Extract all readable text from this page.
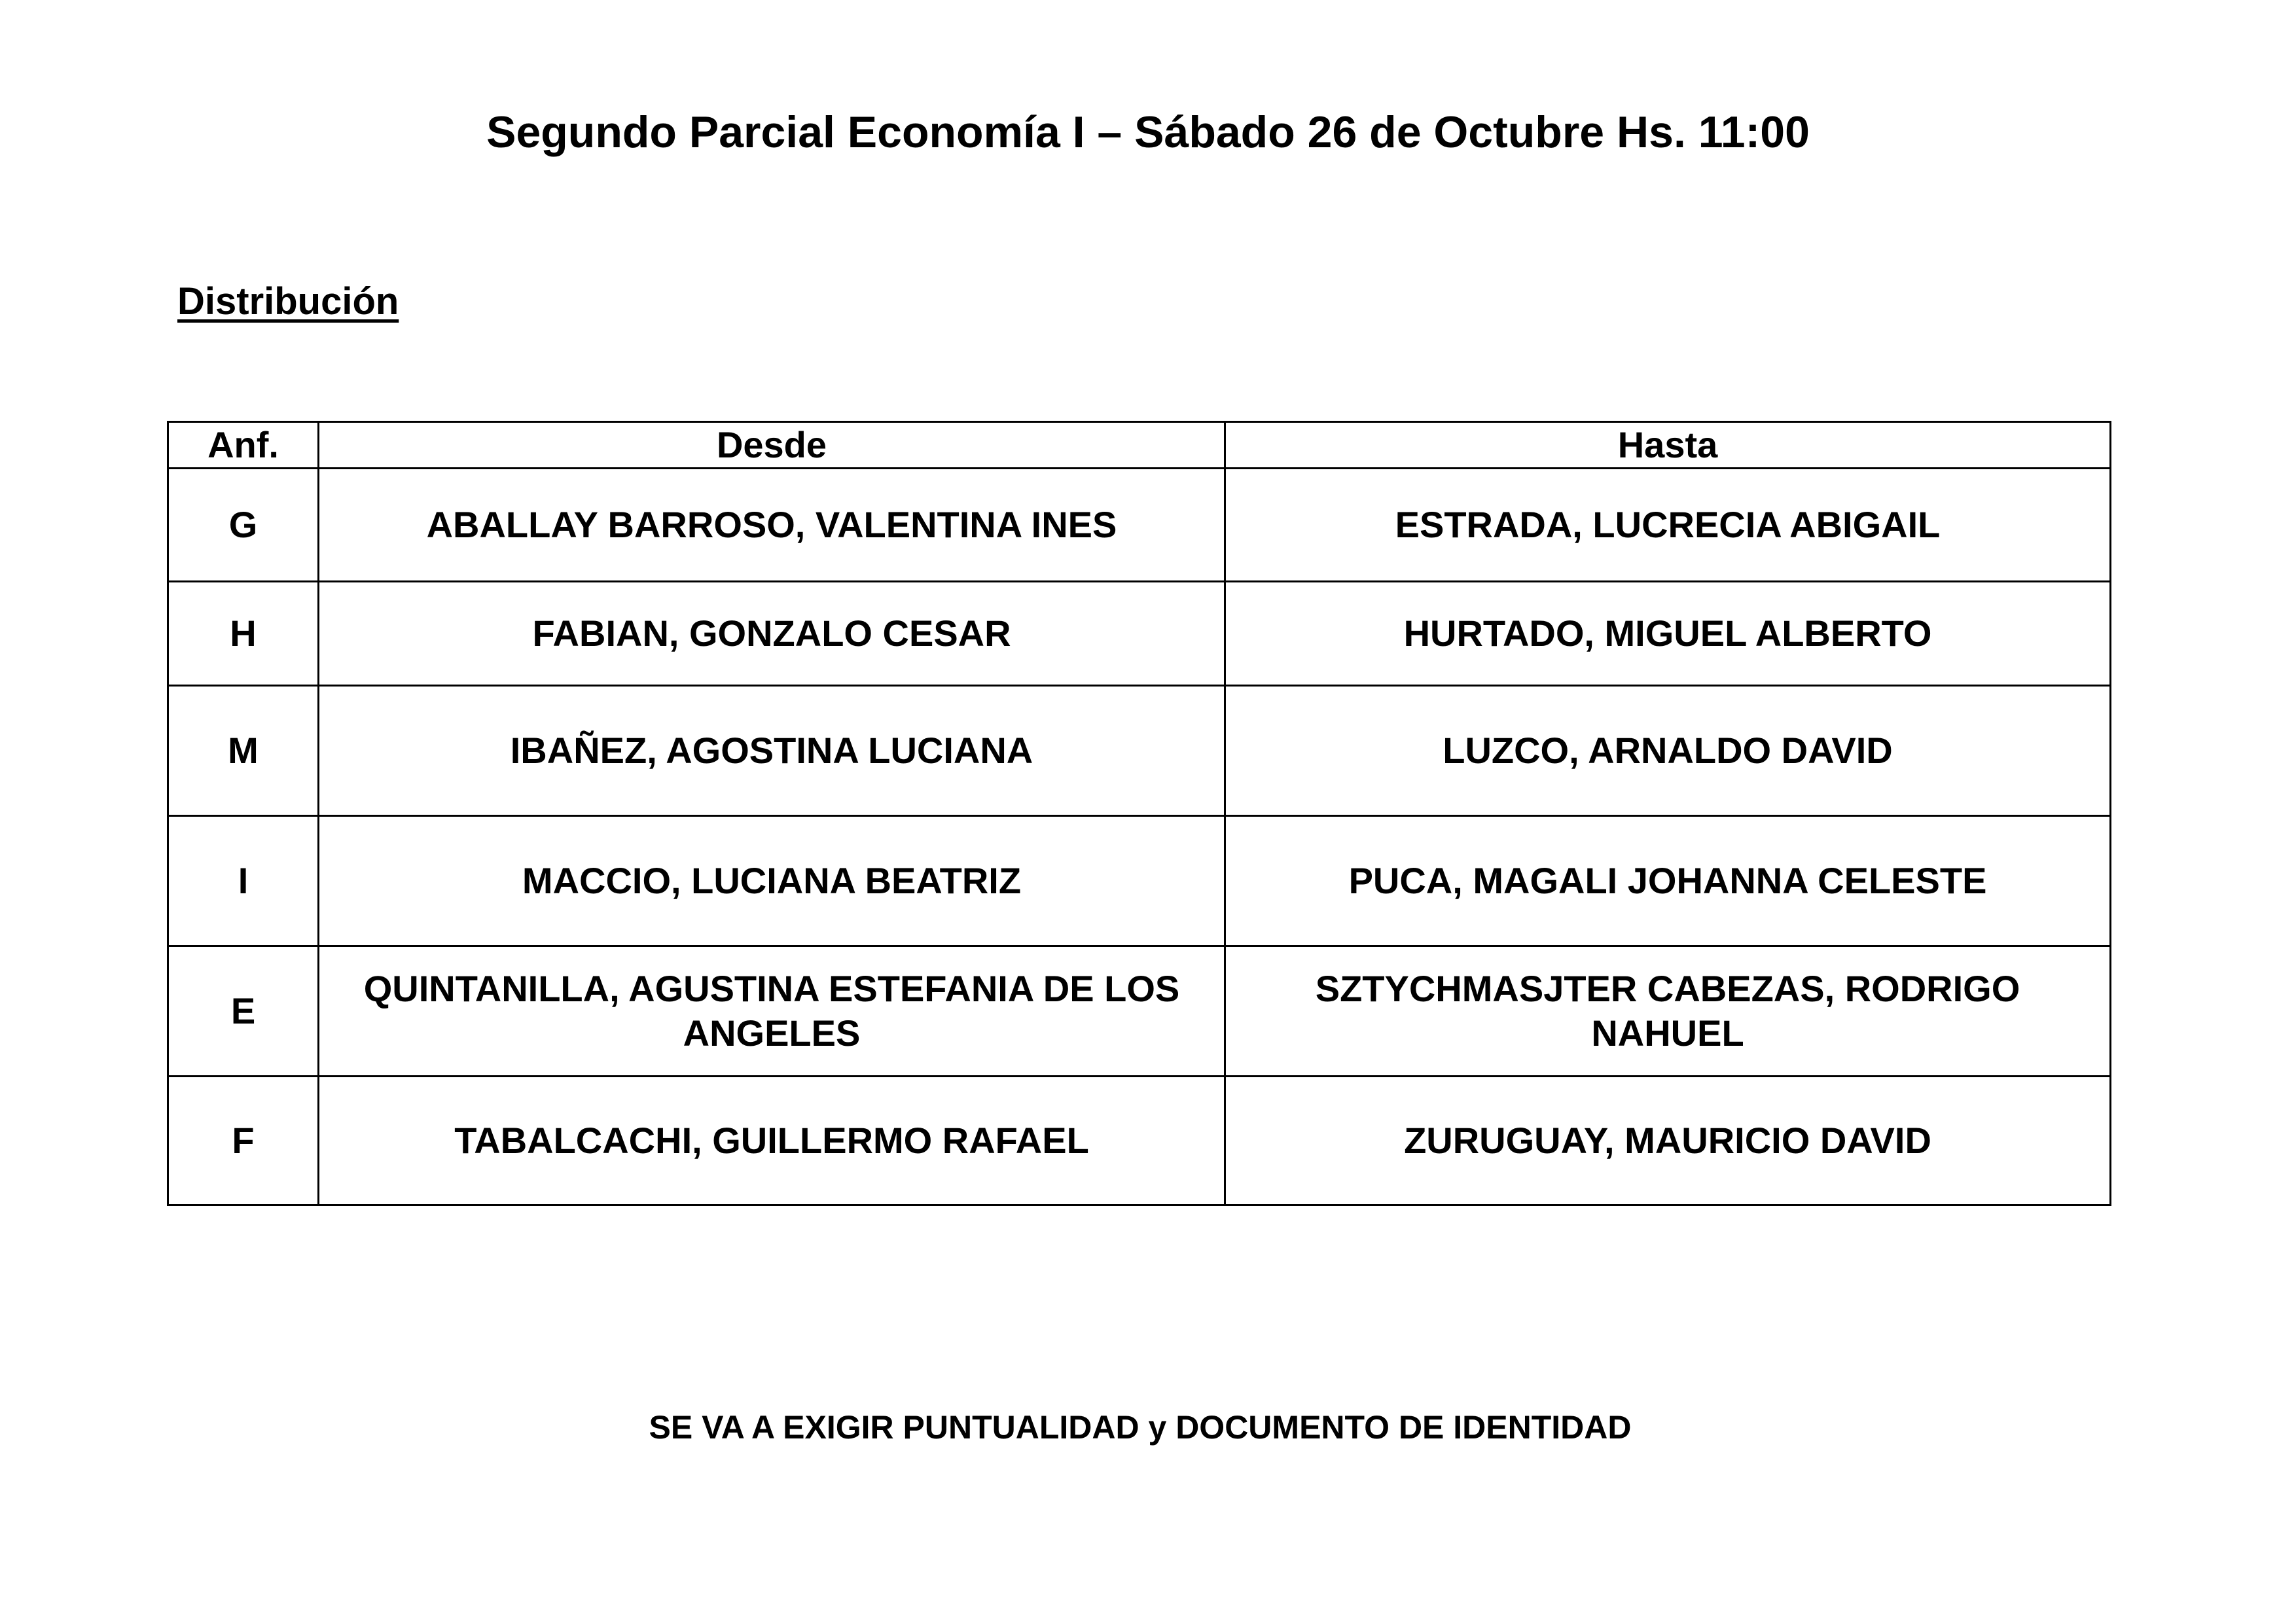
Segundo Parcial Economía I – Sábado 26 de Octubre Hs. 11:00

Distribución

Anf.	Desde	Hasta
G	ABALLAY BARROSO, VALENTINA INES	ESTRADA, LUCRECIA ABIGAIL
H	FABIAN, GONZALO CESAR	HURTADO, MIGUEL ALBERTO
M	IBAÑEZ, AGOSTINA LUCIANA	LUZCO, ARNALDO DAVID
I	MACCIO, LUCIANA BEATRIZ	PUCA, MAGALI JOHANNA CELESTE
E	QUINTANILLA, AGUSTINA ESTEFANIA DE LOS ANGELES	SZTYCHMASJTER CABEZAS, RODRIGO NAHUEL
F	TABALCACHI, GUILLERMO RAFAEL	ZURUGUAY, MAURICIO DAVID

SE VA A EXIGIR PUNTUALIDAD y DOCUMENTO DE IDENTIDAD
